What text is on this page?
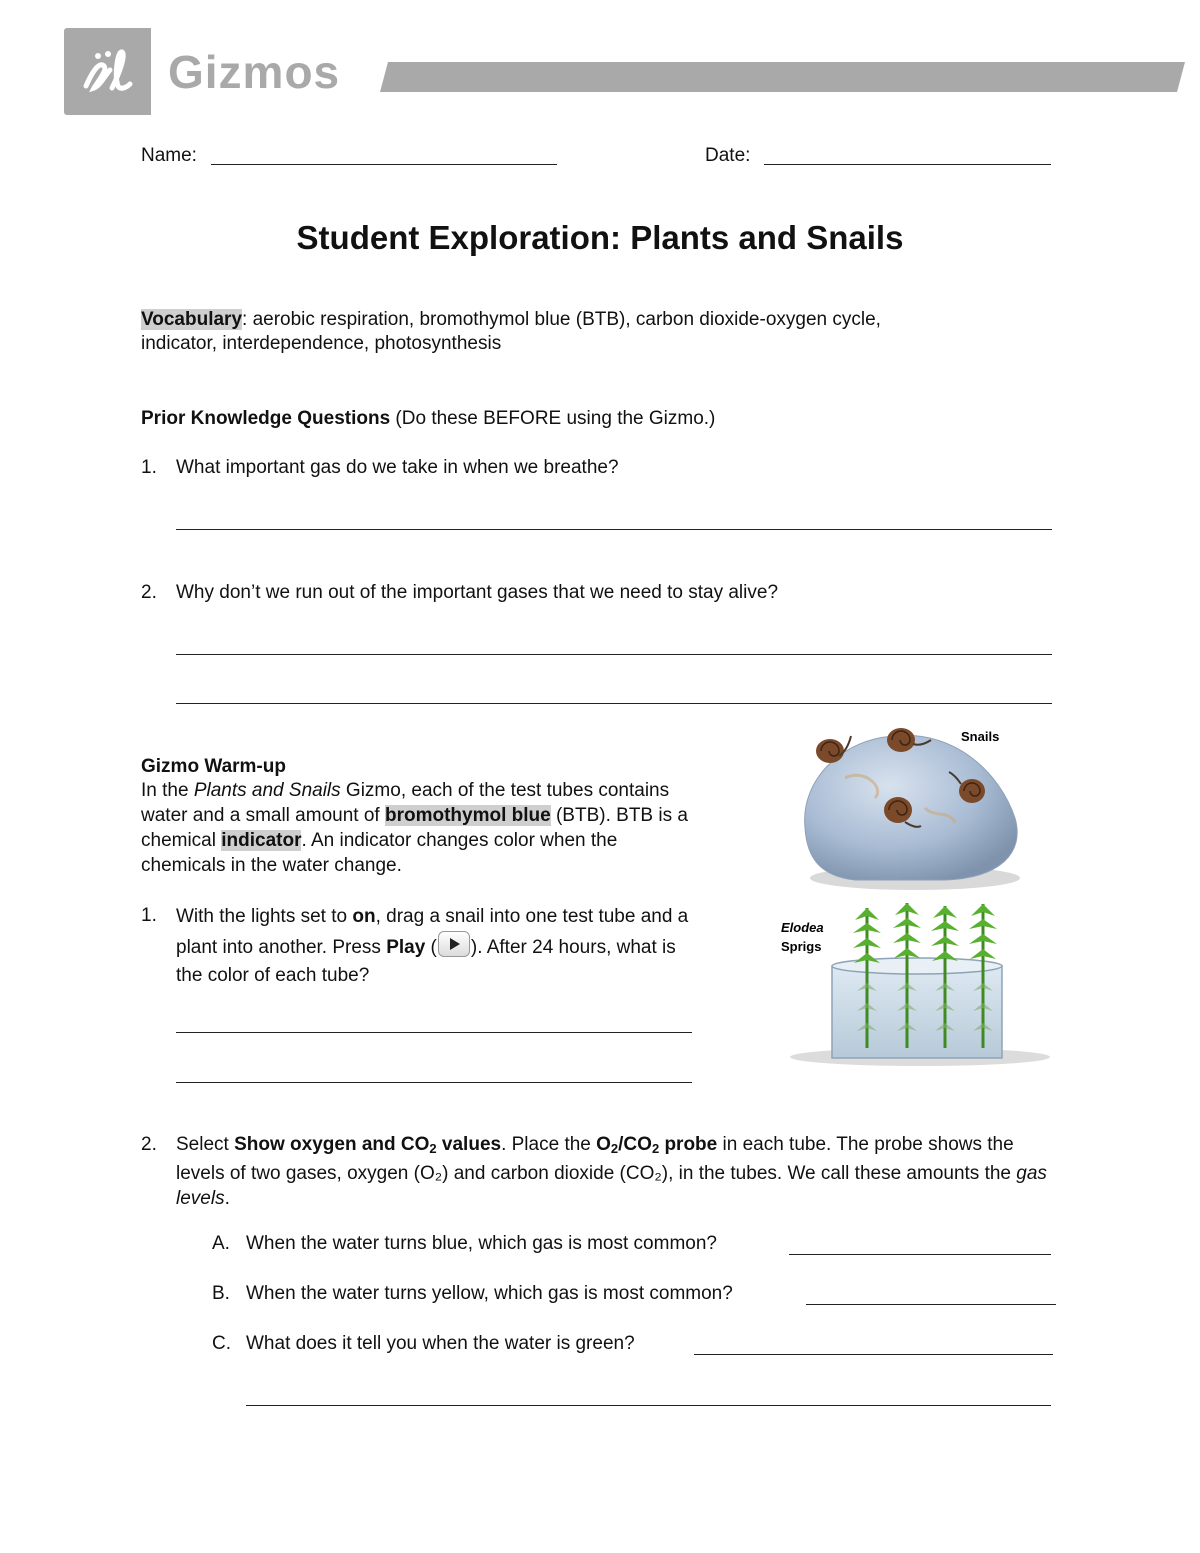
Gizmos
Name:	Date:
Student Exploration: Plants and Snails
Vocabulary: aerobic respiration, bromothymol blue (BTB), carbon dioxide-oxygen cycle,
indicator, interdependence, photosynthesis
Prior Knowledge Questions (Do these BEFORE using the Gizmo.)
1. What important gas do we take in when we breathe?
2. Why don’t we run out of the important gases that we need to stay alive?
Gizmo Warm-up
In the Plants and Snails Gizmo, each of the test tubes contains water and a small amount of bromothymol blue (BTB). BTB is a chemical indicator. An indicator changes color when the chemicals in the water change.
1. With the lights set to on, drag a snail into one test tube and a plant into another. Press Play ( ). After 24 hours, what is the color of each tube?
Snails
Elodea
Sprigs
2. Select Show oxygen and $CO_2$ values. Place the $O_2/CO_2$ probe in each tube. The probe shows the levels of two gases, oxygen (O₂) and carbon dioxide (CO₂), in the tubes. We call these amounts the gas levels.
A. When the water turns blue, which gas is most common?
B. When the water turns yellow, which gas is most common?
C. What does it tell you when the water is green?
